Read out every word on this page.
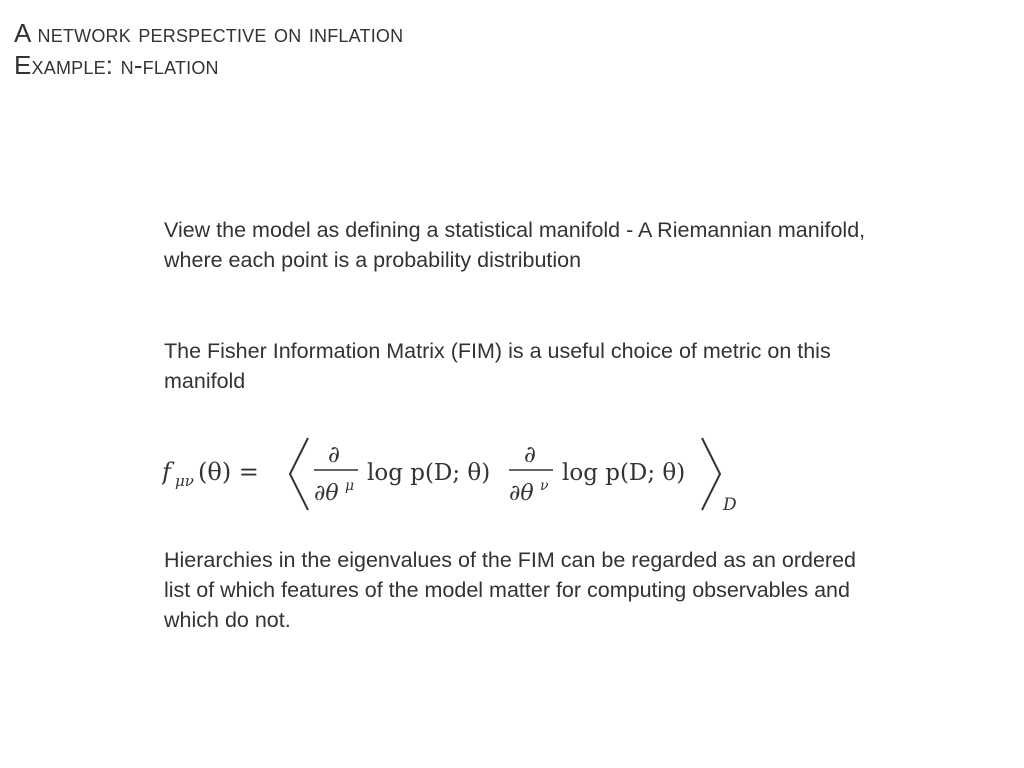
A network perspective on inflation
Example: n-flation

View the model as defining a statistical manifold - A Riemannian manifold, where each point is a probability distribution

The Fisher Information Matrix (FIM) is a useful choice of metric on this manifold

f μν (θ) =
∂
∂θ μ log p(D; θ)
∂
∂θ ν log p(D; θ)
D

Hierarchies in the eigenvalues of the FIM can be regarded as an ordered list of which features of the model matter for computing observables and which do not.
